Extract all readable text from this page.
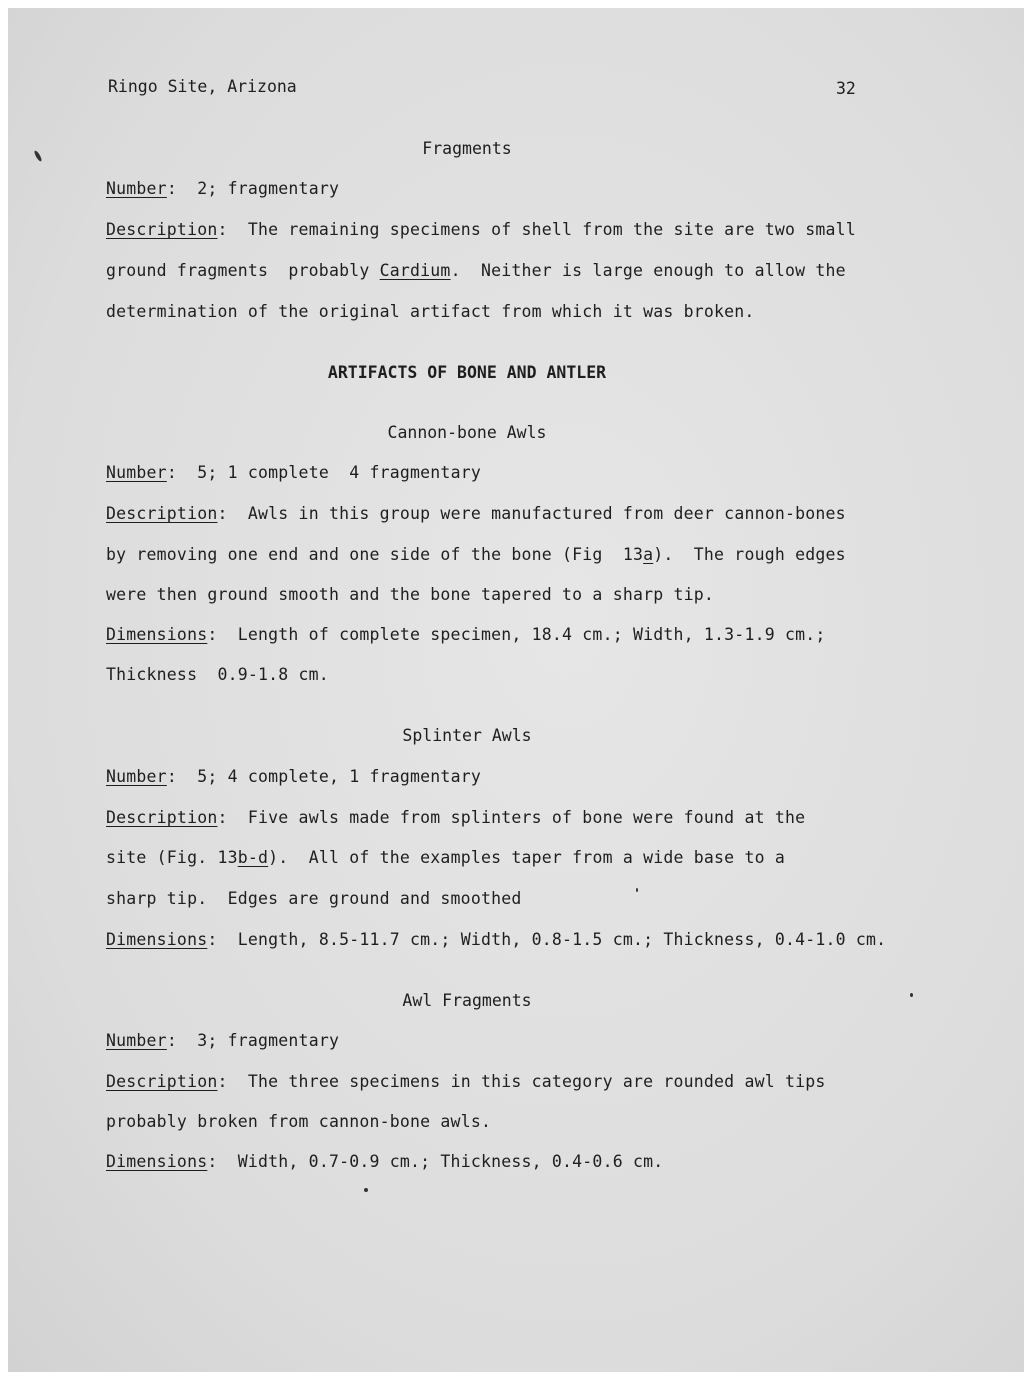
Ringo Site, Arizona	32
Fragments
Number:  2; fragmentary
Description:  The remaining specimens of shell from the site are two small
ground fragments  probably Cardium.  Neither is large enough to allow the
determination of the original artifact from which it was broken.
ARTIFACTS OF BONE AND ANTLER
Cannon-bone Awls
Number:  5; 1 complete  4 fragmentary
Description:  Awls in this group were manufactured from deer cannon-bones
by removing one end and one side of the bone (Fig  13a).  The rough edges
were then ground smooth and the bone tapered to a sharp tip.
Dimensions:  Length of complete specimen, 18.4 cm.; Width, 1.3-1.9 cm.;
Thickness  0.9-1.8 cm.
Splinter Awls
Number:  5; 4 complete, 1 fragmentary
Description:  Five awls made from splinters of bone were found at the
site (Fig. 13b-d).  All of the examples taper from a wide base to a
sharp tip.  Edges are ground and smoothed
Dimensions:  Length, 8.5-11.7 cm.; Width, 0.8-1.5 cm.; Thickness, 0.4-1.0 cm.
Awl Fragments
Number:  3; fragmentary
Description:  The three specimens in this category are rounded awl tips
probably broken from cannon-bone awls.
Dimensions:  Width, 0.7-0.9 cm.; Thickness, 0.4-0.6 cm.
